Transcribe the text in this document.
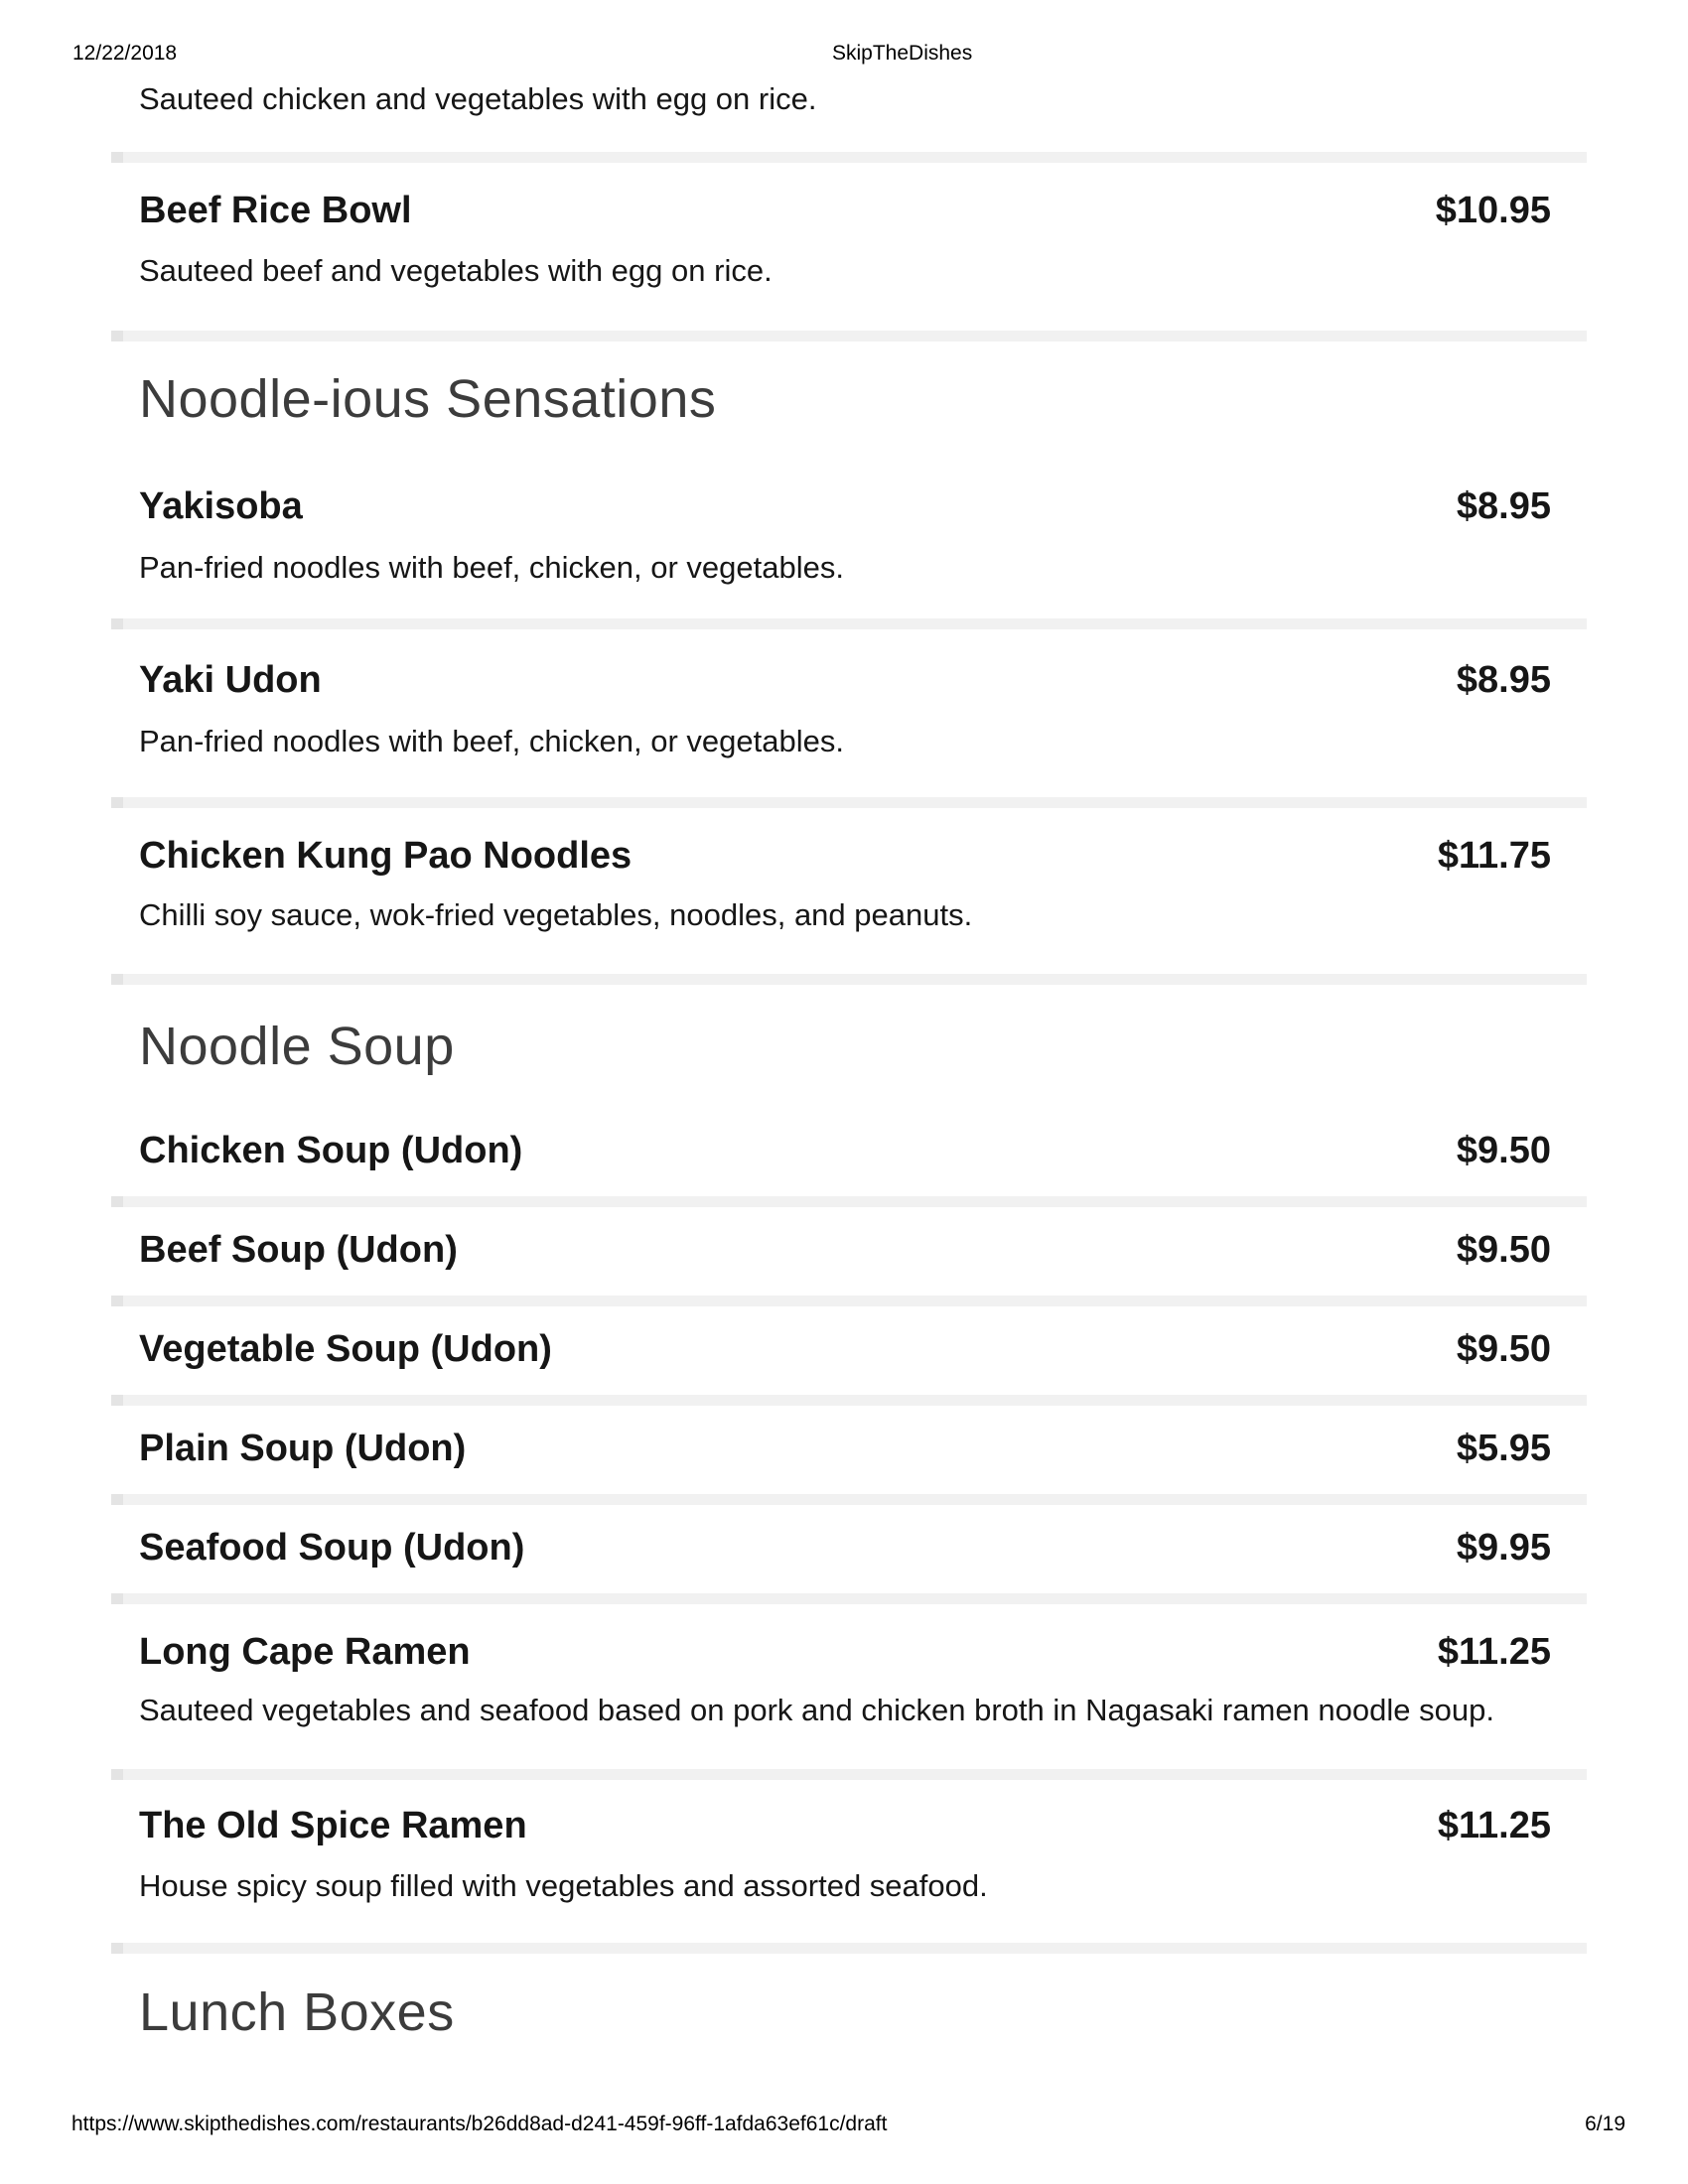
12/22/2018	SkipTheDishes
Sauteed chicken and vegetables with egg on rice.
Beef Rice Bowl	$10.95
Sauteed beef and vegetables with egg on rice.
Noodle-ious Sensations
Yakisoba	$8.95
Pan-fried noodles with beef, chicken, or vegetables.
Yaki Udon	$8.95
Pan-fried noodles with beef, chicken, or vegetables.
Chicken Kung Pao Noodles	$11.75
Chilli soy sauce, wok-fried vegetables, noodles, and peanuts.
Noodle Soup
Chicken Soup (Udon)	$9.50
Beef Soup (Udon)	$9.50
Vegetable Soup (Udon)	$9.50
Plain Soup (Udon)	$5.95
Seafood Soup (Udon)	$9.95
Long Cape Ramen	$11.25
Sauteed vegetables and seafood based on pork and chicken broth in Nagasaki ramen noodle soup.
The Old Spice Ramen	$11.25
House spicy soup filled with vegetables and assorted seafood.
Lunch Boxes
https://www.skipthedishes.com/restaurants/b26dd8ad-d241-459f-96ff-1afda63ef61c/draft	6/19
